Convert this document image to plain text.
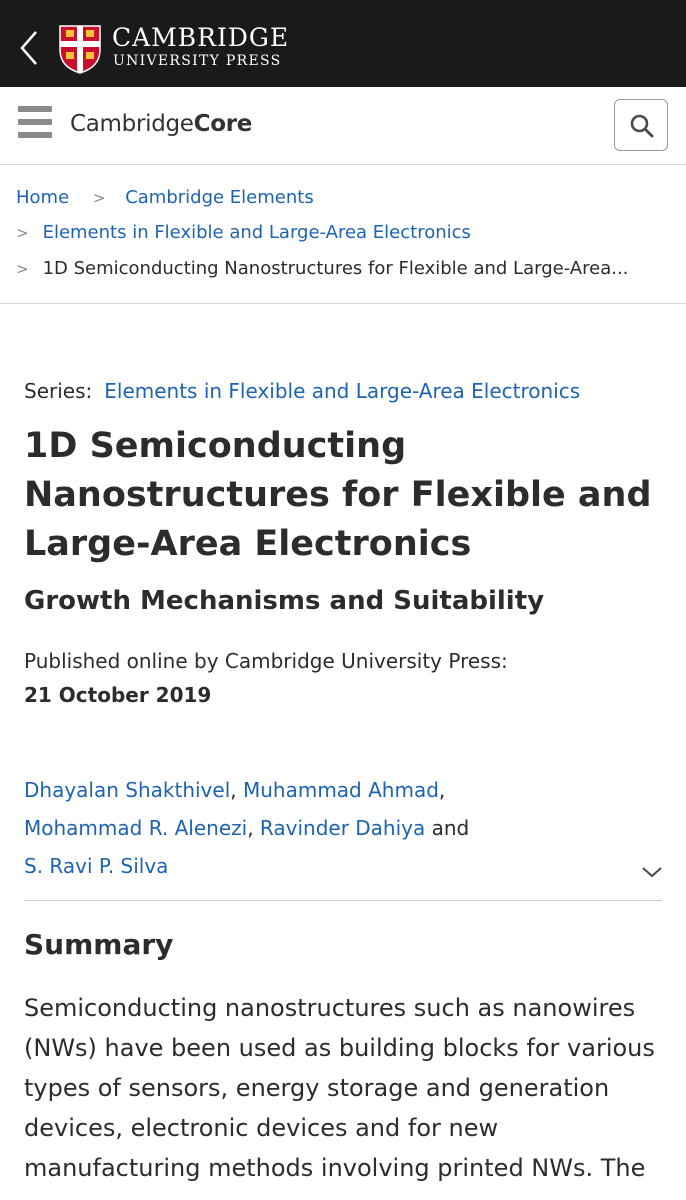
CAMBRIDGE
UNIVERSITY PRESS
CambridgeCore
Home > Cambridge Elements
> Elements in Flexible and Large-Area Electronics
> 1D Semiconducting Nanostructures for Flexible and Large-Area...
Series: Elements in Flexible and Large-Area Electronics
1D Semiconducting Nanostructures for Flexible and Large-Area Electronics
Growth Mechanisms and Suitability
Published online by Cambridge University Press:
21 October 2019
Dhayalan Shakthivel, Muhammad Ahmad,
Mohammad R. Alenezi, Ravinder Dahiya and
S. Ravi P. Silva
Summary

Semiconducting nanostructures such as nanowires (NWs) have been used as building blocks for various types of sensors, energy storage and generation devices, electronic devices and for new manufacturing methods involving printed NWs. The
